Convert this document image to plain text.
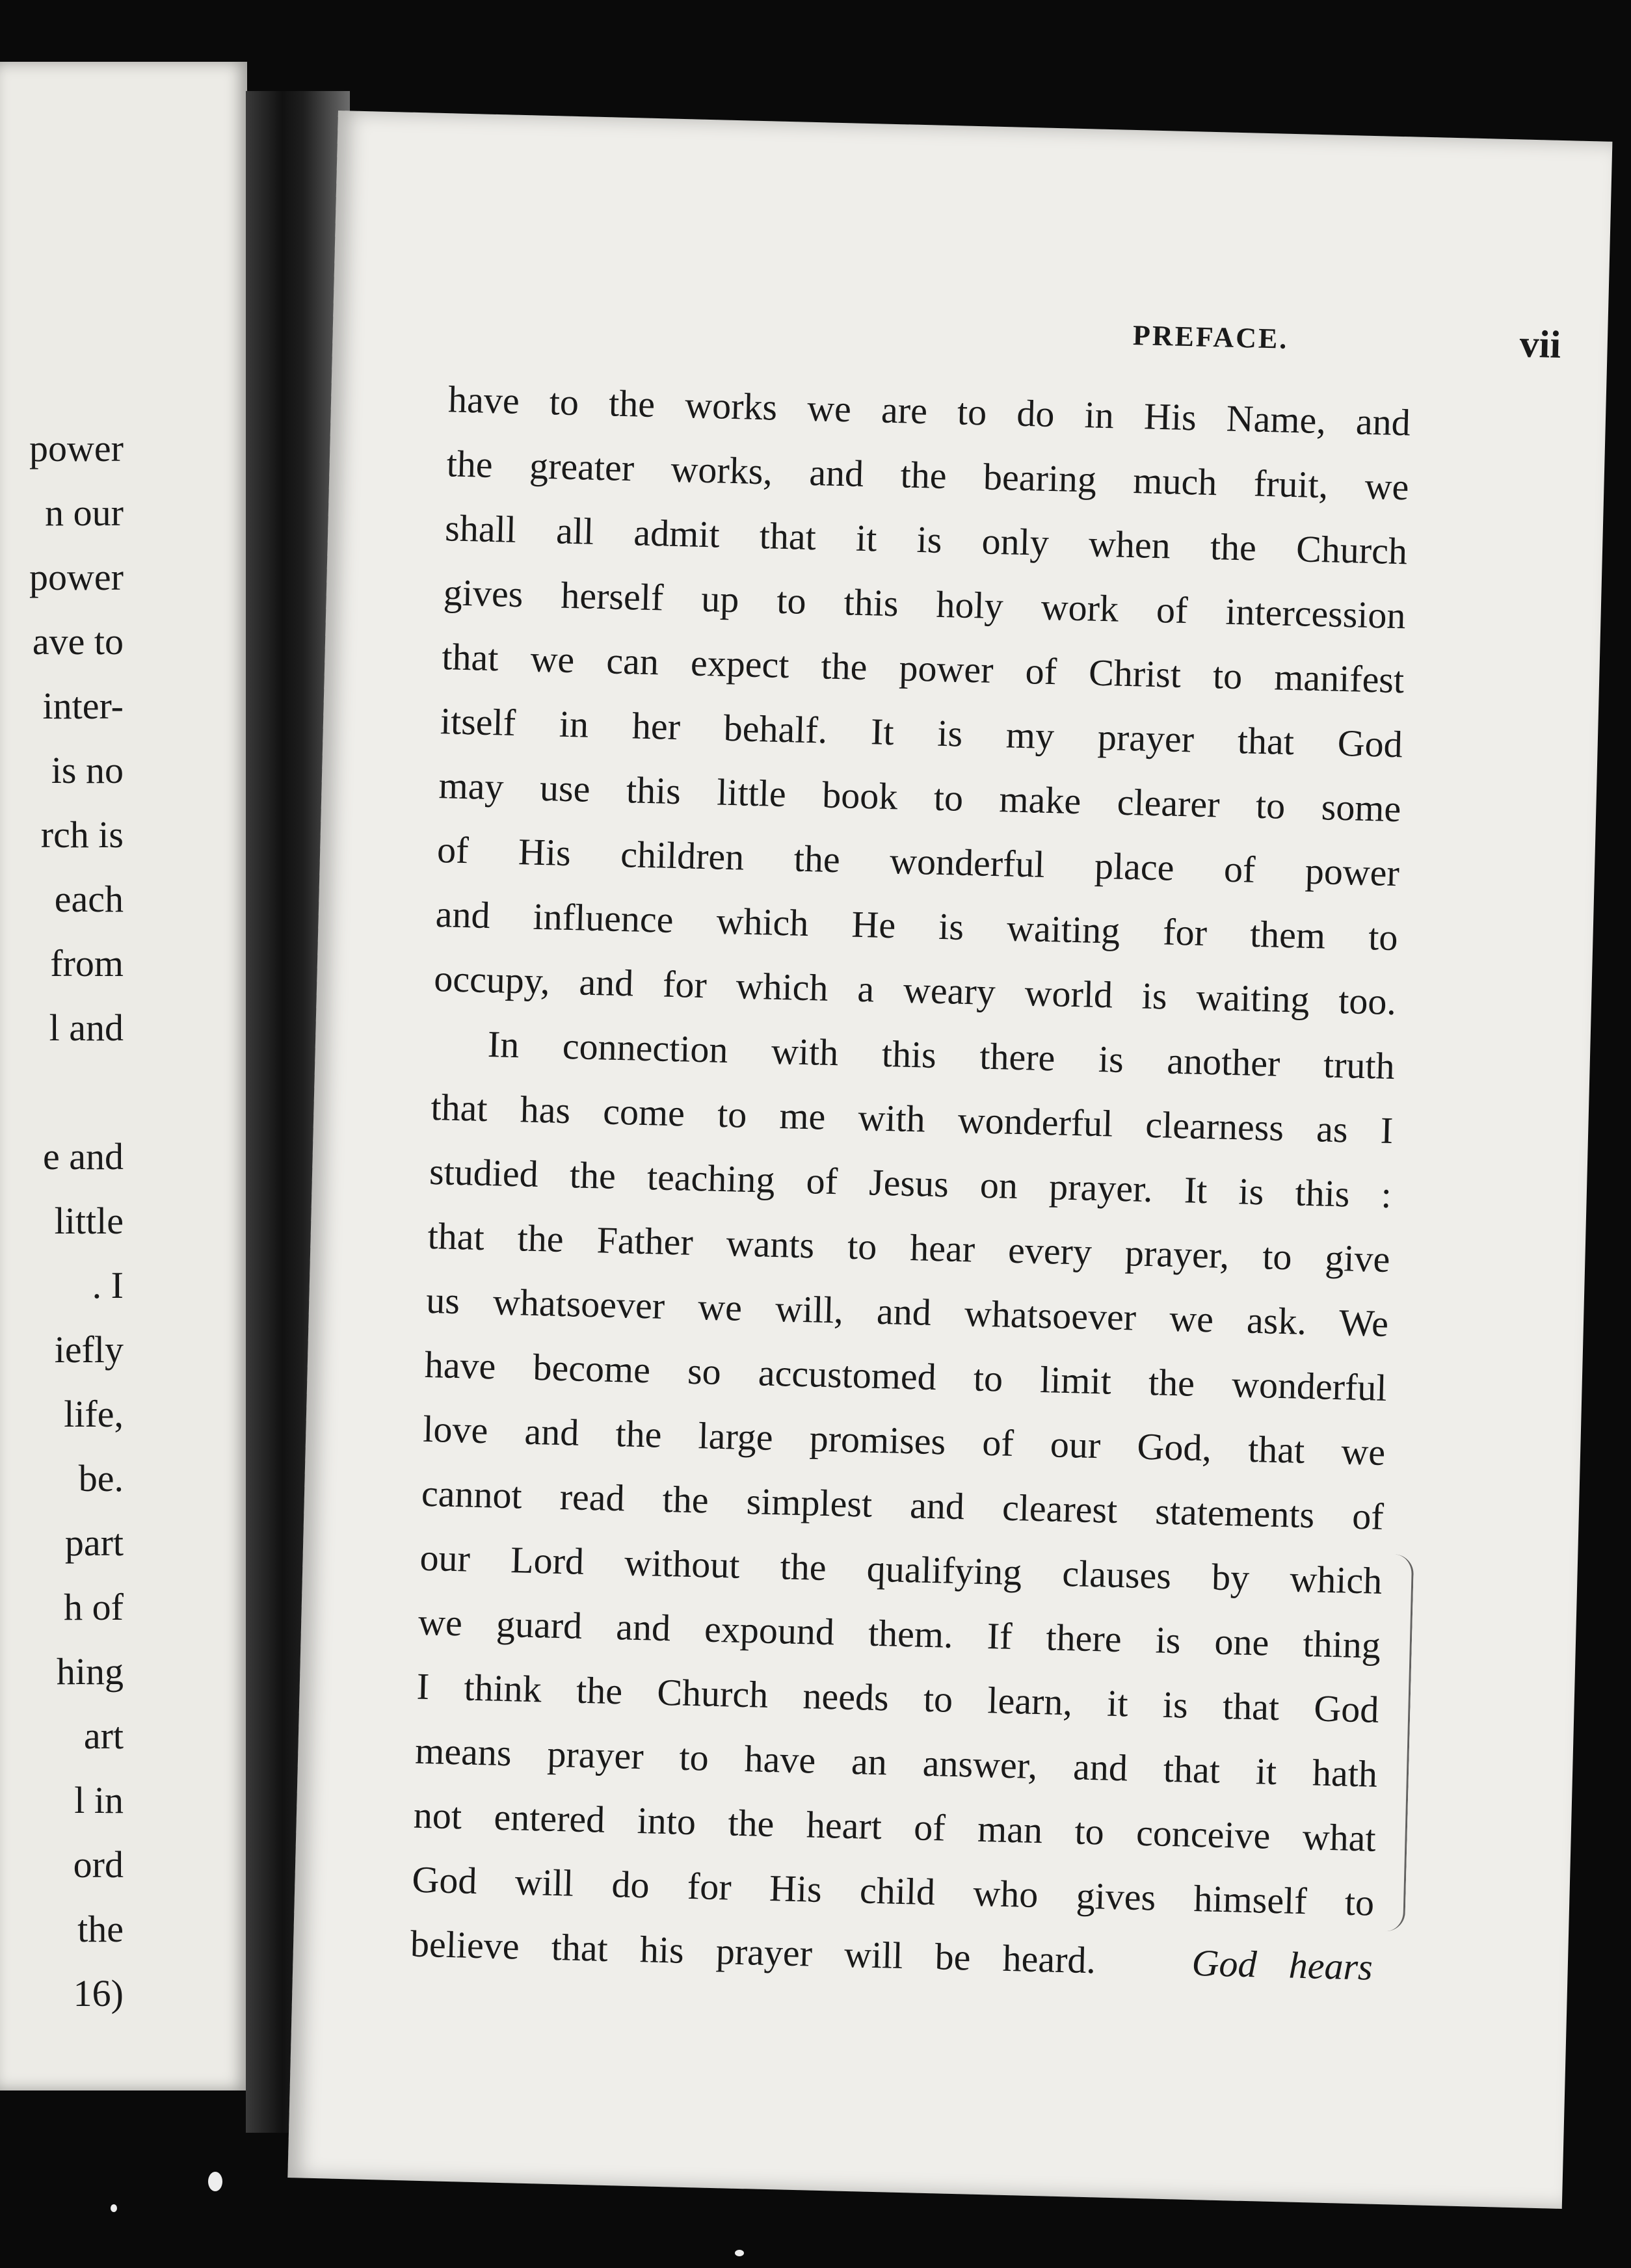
power
n our
power
ave to
inter-
is no
rch is
each
from
l and
e and
little
. I
iefly
life,
be.
part
h of
hing
art
l in
ord
the
16)
PREFACE.	vii
have to the works we are to do in His Name, and
the greater works, and the bearing much fruit, we
shall all admit that it is only when the Church
gives herself up to this holy work of intercession
that we can expect the power of Christ to manifest
itself in her behalf. It is my prayer that God
may use this little book to make clearer to some
of His children the wonderful place of power
and influence which He is waiting for them to
occupy, and for which a weary world is waiting too.
In connection with this there is another truth
that has come to me with wonderful clearness as I
studied the teaching of Jesus on prayer. It is this :
that the Father wants to hear every prayer, to give
us whatsoever we will, and whatsoever we ask. We
have become so accustomed to limit the wonderful
love and the large promises of our God, that we
cannot read the simplest and clearest statements of
our Lord without the qualifying clauses by which
we guard and expound them. If there is one thing
I think the Church needs to learn, it is that God
means prayer to have an answer, and that it hath
not entered into the heart of man to conceive what
God will do for His child who gives himself to
believe that his prayer will be heard.	God hears
